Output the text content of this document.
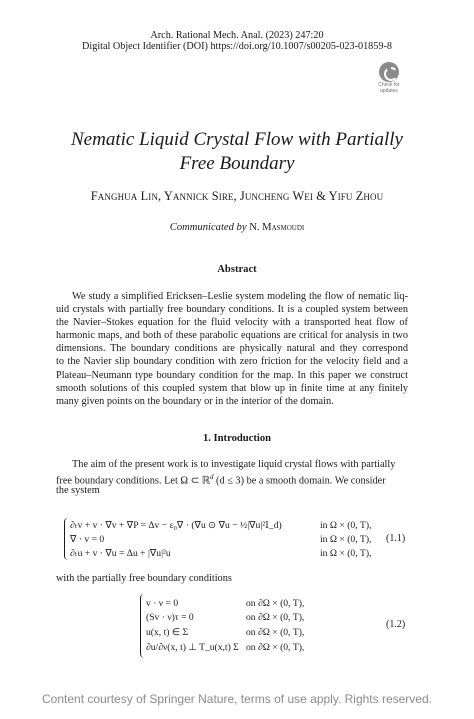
Arch. Rational Mech. Anal. (2023) 247:20
Digital Object Identifier (DOI) https://doi.org/10.1007/s00205-023-01859-8
Check for
updates
Nematic Liquid Crystal Flow with Partially
Free Boundary
Fanghua Lin, Yannick Sire, Juncheng Wei & Yifu Zhou
Communicated by N. Masmoudi
Abstract
We study a simplified Ericksen–Leslie system modeling the flow of nematic liq-
uid crystals with partially free boundary conditions. It is a coupled system between
the Navier–Stokes equation for the fluid velocity with a transported heat flow of
harmonic maps, and both of these parabolic equations are critical for analysis in two
dimensions. The boundary conditions are physically natural and they correspond
to the Navier slip boundary condition with zero friction for the velocity field and a
Plateau–Neumann type boundary condition for the map. In this paper we construct
smooth solutions of this coupled system that blow up in finite time at any finitely
many given points on the boundary or in the interior of the domain.
1. Introduction
The aim of the present work is to investigate liquid crystal flows with partially
free boundary conditions. Let Ω ⊂ ℝ$^d$ (d ≤ 3) be a smooth domain. We consider
the system
∂ₜv + v · ∇v + ∇P = Δv − ε₀∇ · (∇u ⊙ ∇u − ½|∇u|²𝕀_d)
∇ · v = 0
∂ₜu + v · ∇u = Δu + |∇u|²u
in Ω × (0, T),
in Ω × (0, T),
in Ω × (0, T),
(1.1)
with the partially free boundary conditions
v · ν = 0
(Sv · ν)τ = 0
u(x, t) ∈ Σ
∂u/∂ν(x, t) ⊥ T_u(x,t) Σ
on ∂Ω × (0, T),
on ∂Ω × (0, T),
on ∂Ω × (0, T),
on ∂Ω × (0, T),
(1.2)
Content courtesy of Springer Nature, terms of use apply. Rights reserved.
